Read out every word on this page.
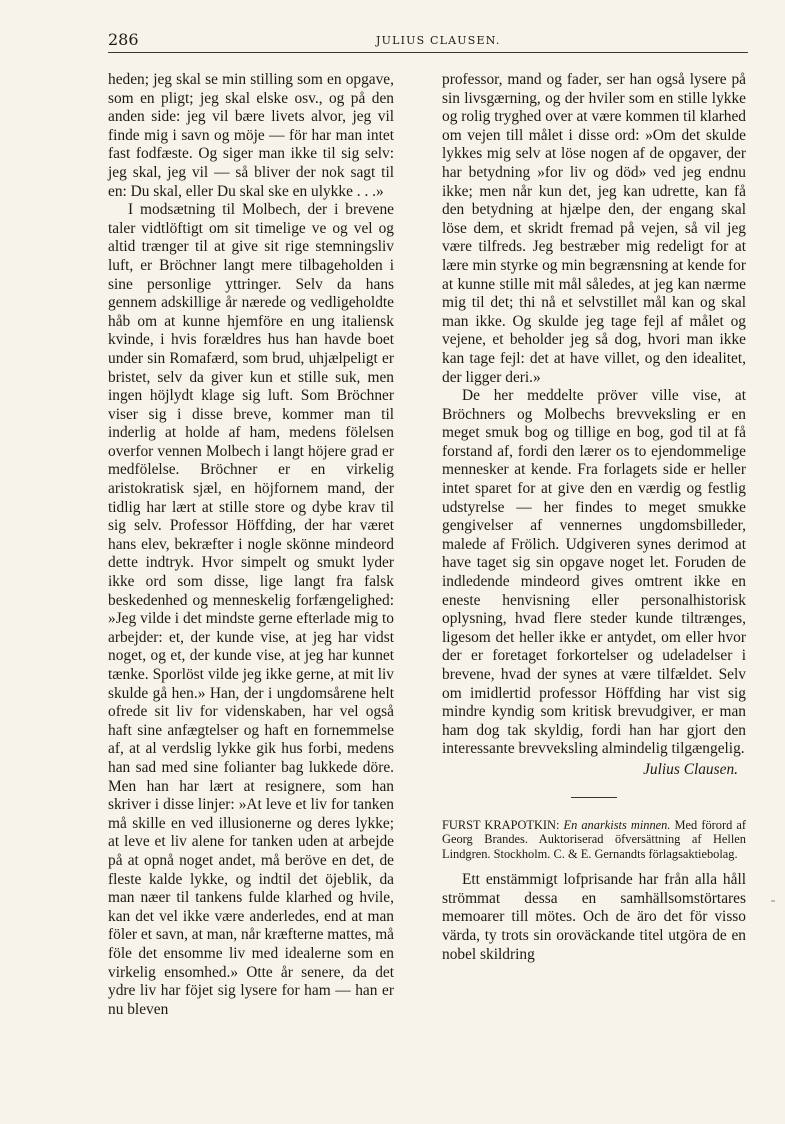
286	JULIUS CLAUSEN.

heden; jeg skal se min stilling som en opgave, som en pligt; jeg skal elske osv., og på den anden side: jeg vil bære livets alvor, jeg vil finde mig i savn og möje — för har man intet fast fodfæste. Og siger man ikke til sig selv: jeg skal, jeg vil — så bliver der nok sagt til en: Du skal, eller Du skal ske en ulykke . . .»

I modsætning til Molbech, der i brevene taler vidtlöftigt om sit timelige ve og vel og altid trænger til at give sit rige stemningsliv luft, er Bröchner langt mere tilbageholden i sine personlige yttringer. Selv da hans gennem adskillige år nærede og vedligeholdte håb om at kunne hjemföre en ung italiensk kvinde, i hvis forældres hus han havde boet under sin Romafærd, som brud, uhjælpeligt er bristet, selv da giver kun et stille suk, men ingen höjlydt klage sig luft. Som Bröchner viser sig i disse breve, kommer man til inderlig at holde af ham, medens fölelsen overfor vennen Molbech i langt höjere grad er medfölelse. Bröchner er en virkelig aristokratisk sjæl, en höjfornem mand, der tidlig har lært at stille store og dybe krav til sig selv. Professor Höffding, der har været hans elev, bekræfter i nogle skönne mindeord dette indtryk. Hvor simpelt og smukt lyder ikke ord som disse, lige langt fra falsk beskedenhed og menneskelig forfængelighed: »Jeg vilde i det mindste gerne efterlade mig to arbejder: et, der kunde vise, at jeg har vidst noget, og et, der kunde vise, at jeg har kunnet tænke. Sporlöst vilde jeg ikke gerne, at mit liv skulde gå hen.» Han, der i ungdomsårene helt ofrede sit liv for videnskaben, har vel også haft sine anfægtelser og haft en fornemmelse af, at al verdslig lykke gik hus forbi, medens han sad med sine folianter bag lukkede döre. Men han har lært at resignere, som han skriver i disse linjer: »At leve et liv for tanken må skille en ved illusionerne og deres lykke; at leve et liv alene for tanken uden at arbejde på at opnå noget andet, må beröve en det, de fleste kalde lykke, og indtil det öjeblik, da man næer til tankens fulde klarhed og hvile, kan det vel ikke være anderledes, end at man föler et savn, at man, når kræfterne mattes, må föle det ensomme liv med idealerne som en virkelig ensomhed.» Otte år senere, da det ydre liv har föjet sig lysere for ham — han er nu bleven

professor, mand og fader, ser han også lysere på sin livsgærning, og der hviler som en stille lykke og rolig tryghed over at være kommen til klarhed om vejen till målet i disse ord: »Om det skulde lykkes mig selv at löse nogen af de opgaver, der har betydning »for liv og död» ved jeg endnu ikke; men når kun det, jeg kan udrette, kan få den betydning at hjælpe den, der engang skal löse dem, et skridt fremad på vejen, så vil jeg være tilfreds. Jeg bestræber mig redeligt for at lære min styrke og min begrænsning at kende for at kunne stille mit mål således, at jeg kan nærme mig til det; thi nå et selvstillet mål kan og skal man ikke. Og skulde jeg tage fejl af målet og vejene, et beholder jeg så dog, hvori man ikke kan tage fejl: det at have villet, og den idealitet, der ligger deri.»

De her meddelte pröver ville vise, at Bröchners og Molbechs brevveksling er en meget smuk bog og tillige en bog, god til at få forstand af, fordi den lærer os to ejendommelige mennesker at kende. Fra forlagets side er heller intet sparet for at give den en værdig og festlig udstyrelse — her findes to meget smukke gengivelser af vennernes ungdomsbilleder, malede af Frölich. Udgiveren synes derimod at have taget sig sin opgave noget let. Foruden de indledende mindeord gives omtrent ikke en eneste henvisning eller personalhistorisk oplysning, hvad flere steder kunde tiltrænges, ligesom det heller ikke er antydet, om eller hvor der er foretaget forkortelser og udeladelser i brevene, hvad der synes at være tilfældet. Selv om imidlertid professor Höffding har vist sig mindre kyndig som kritisk brevudgiver, er man ham dog tak skyldig, fordi han har gjort den interessante brevveksling almindelig tilgængelig.

Julius Clausen.

FURST KRAPOTKIN: En anarkists minnen. Med förord af Georg Brandes. Auktoriserad öfversättning af Hellen Lindgren. Stockholm. C. & E. Gernandts förlagsaktiebolag.

Ett enstämmigt lofprisande har från alla håll strömmat dessa en samhällsomstörtares memoarer till mötes. Och de äro det för visso värda, ty trots sin oroväckande titel utgöra de en nobel skildring
